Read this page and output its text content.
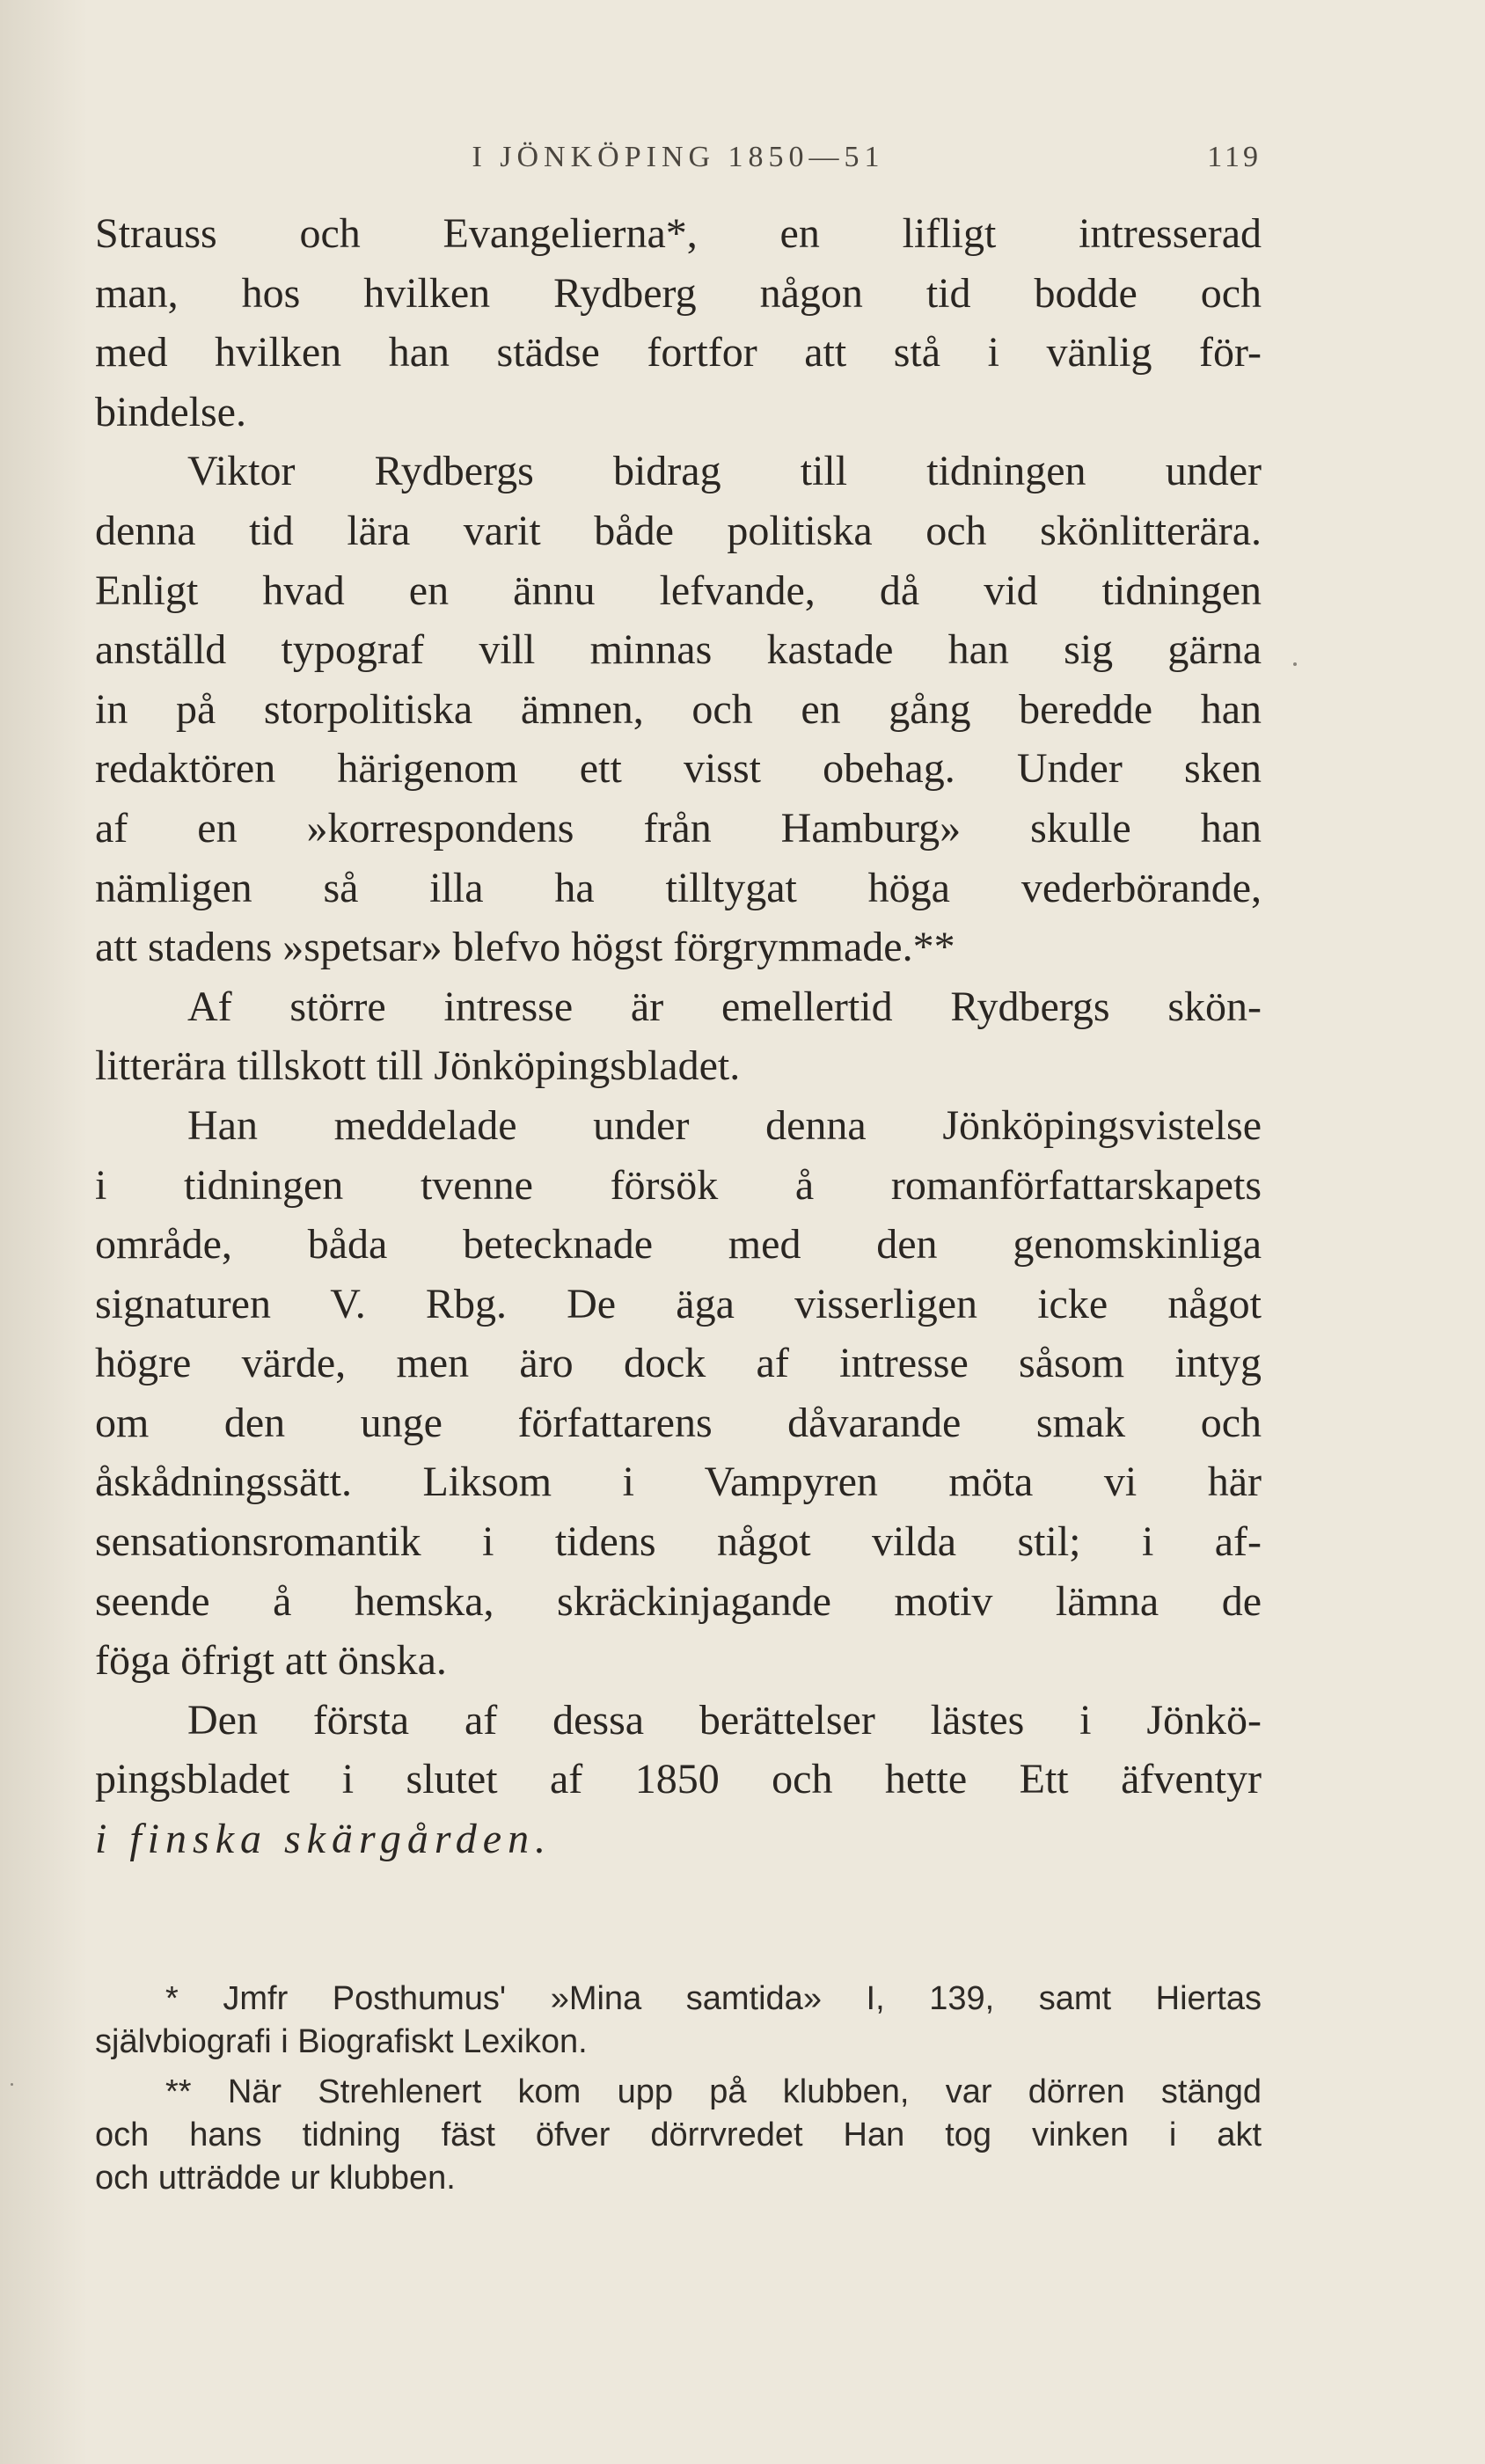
I JÖNKÖPING 1850—51	119
Strauss och Evangelierna*, en lifligt intresserad
man, hos hvilken Rydberg någon tid bodde och
med hvilken han städse fortfor att stå i vänlig för-
bindelse.
Viktor Rydbergs bidrag till tidningen under
denna tid lära varit både politiska och skönlitterära.
Enligt hvad en ännu lefvande, då vid tidningen
anställd typograf vill minnas kastade han sig gärna
in på storpolitiska ämnen, och en gång beredde han
redaktören härigenom ett visst obehag. Under sken
af en »korrespondens från Hamburg» skulle han
nämligen så illa ha tilltygat höga vederbörande,
att stadens »spetsar» blefvo högst förgrymmade.**
Af större intresse är emellertid Rydbergs skön-
litterära tillskott till Jönköpingsbladet.
Han meddelade under denna Jönköpingsvistelse
i tidningen tvenne försök å romanförfattarskapets
område, båda betecknade med den genomskinliga
signaturen V. Rbg. De äga visserligen icke något
högre värde, men äro dock af intresse såsom intyg
om den unge författarens dåvarande smak och
åskådningssätt. Liksom i Vampyren möta vi här
sensationsromantik i tidens något vilda stil; i af-
seende å hemska, skräckinjagande motiv lämna de
föga öfrigt att önska.
Den första af dessa berättelser lästes i Jönkö-
pingsbladet i slutet af 1850 och hette Ett äfventyr
i finska skärgården.
* Jmfr Posthumus' »Mina samtida» I, 139, samt Hiertas
självbiografi i Biografiskt Lexikon.
** När Strehlenert kom upp på klubben, var dörren stängd
och hans tidning fäst öfver dörrvredet Han tog vinken i akt
och utträdde ur klubben.
